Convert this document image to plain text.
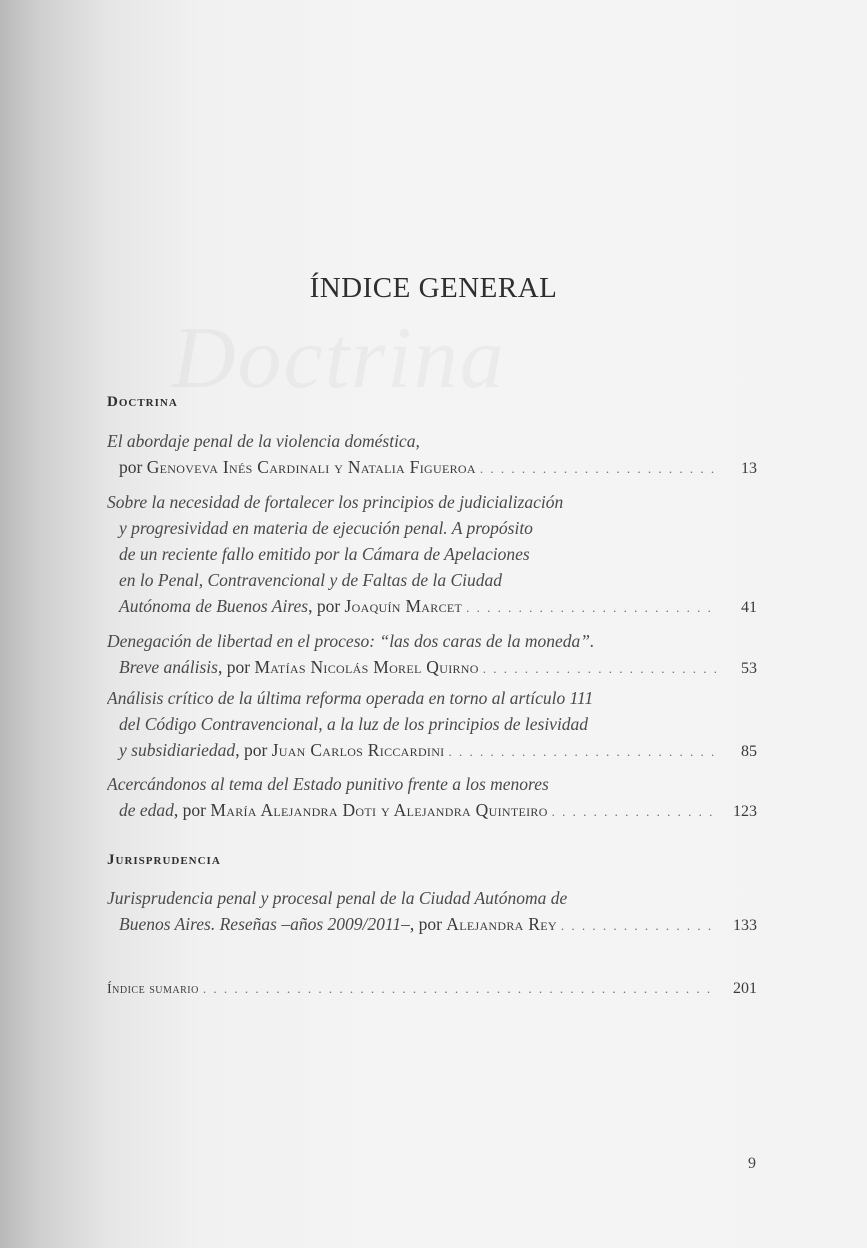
ÍNDICE GENERAL
Doctrina
El abordaje penal de la violencia doméstica,
por Genoveva Inés Cardinali y Natalia Figueroa . . .	13
Sobre la necesidad de fortalecer los principios de judicialización
y progresividad en materia de ejecución penal. A propósito
de un reciente fallo emitido por la Cámara de Apelaciones
en lo Penal, Contravencional y de Faltas de la Ciudad
Autónoma de Buenos Aires, por Joaquín Marcet . . .	41
Denegación de libertad en el proceso: “las dos caras de la moneda”.
Breve análisis, por Matías Nicolás Morel Quirno . . .	53
Análisis crítico de la última reforma operada en torno al artículo 111
del Código Contravencional, a la luz de los principios de lesividad
y subsidiariedad, por Juan Carlos Riccardini . . .	85
Acercándonos al tema del Estado punitivo frente a los menores
de edad, por María Alejandra Doti y Alejandra Quinteiro . . .	123
Jurisprudencia
Jurisprudencia penal y procesal penal de la Ciudad Autónoma de
Buenos Aires. Reseñas –años 2009/2011–, por Alejandra Rey . . .	133
Índice sumario . . .	201
9
